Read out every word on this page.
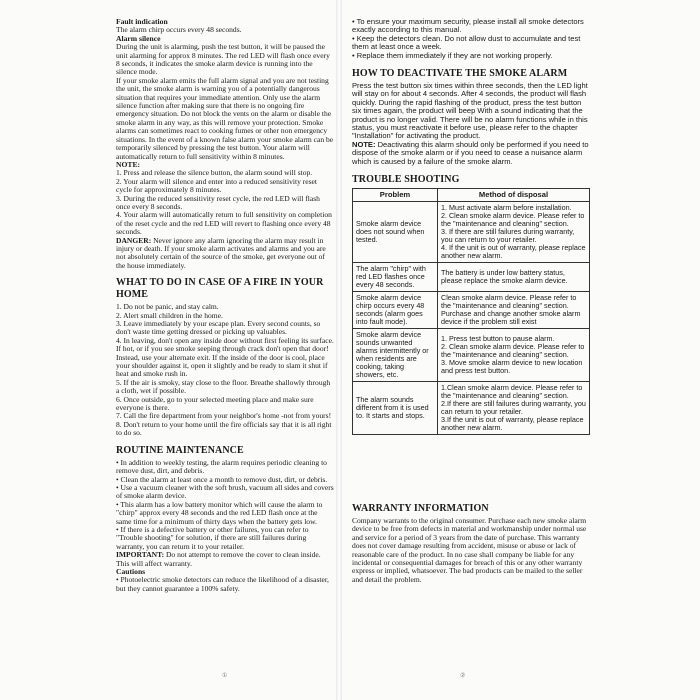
Fault indication

The alarm chirp occurs every 48 seconds.

Alarm silence

During the unit is alarming, push the test button, it will be paused the unit alarming for approx 8 minutes. The red LED will flash once every 8 seconds, it indicates the smoke alarm device is running into the silence mode.

If your smoke alarm emits the full alarm signal and you are not testing the unit, the smoke alarm is warning you of a potentially dangerous situation that requires your immediate attention. Only use the alarm silence function after making sure that there is no ongoing fire emergency situation. Do not block the vents on the alarm or disable the smoke alarm in any way, as this will remove your protection. Smoke alarms can sometimes react to cooking fumes or other non emergency situations. In the event of a known false alarm your smoke alarm can be temporarily silenced by pressing the test button. Your alarm will automatically return to full sensitivity within 8 minutes.

NOTE:

1. Press and release the silence button, the alarm sound will stop.

2. Your alarm will silence and enter into a reduced sensitivity reset cycle for approximately 8 minutes.

3. During the reduced sensitivity reset cycle, the red LED will flash once every 8 seconds.

4. Your alarm will automatically return to full sensitivity on completion of the reset cycle and the red LED will revert to flashing once every 48 seconds.

DANGER: Never ignore any alarm ignoring the alarm may result in injury or death. If your smoke alarm activates and alarms and you are not absolutely certain of the source of the smoke, get everyone out of the house immediately.

WHAT TO DO IN CASE OF A FIRE IN YOUR HOME

1. Do not be panic, and stay calm.

2. Alert small children in the home.

3. Leave immediately by your escape plan. Every second counts, so don't waste time getting dressed or picking up valuables.

4. In leaving, don't open any inside door without first feeling its surface. If hot, or if you see smoke seeping through crack don't open that door! Instead, use your alternate exit. If the inside of the door is cool, place your shoulder against it, open it slightly and be ready to slam it shut if heat and smoke rush in.

5. If the air is smoky, stay close to the floor. Breathe shallowly through a cloth, wet if possible.

6. Once outside, go to your selected meeting place and make sure everyone is there.

7. Call the fire department from your neighbor's home -not from yours!

8. Don't return to your home until the fire officials say that it is all right to do so.

ROUTINE MAINTENANCE

• In addition to weekly testing, the alarm requires periodic cleaning to remove dust, dirt, and debris.

• Clean the alarm at least once a month to remove dust, dirt, or debris.

• Use a vacuum cleaner with the soft brush, vacuum all sides and covers of smoke alarm device.

• This alarm has a low battery monitor which will cause the alarm to "chirp" approx every 48 seconds and the red LED flash once at the same time for a minimum of thirty days when the battery gets low.

• If there is a defective battery or other failures, you can refer to "Trouble shooting" for solution, if there are still failures during warranty, you can return it to your retailer.

IMPORTANT: Do not attempt to remove the cover to clean inside. This will affect warranty.

Cautions

• Photoelectric smoke detectors can reduce the likelihood of a disaster, but they cannot guarantee a 100% safety.

①

• To ensure your maximum security, please install all smoke detectors exactly according to this manual.

• Keep the detectors clean. Do not allow dust to accumulate and test them at least once a week.

• Replace them immediately if they are not working properly.

HOW TO DEACTIVATE THE SMOKE ALARM

Press the test button six times within three seconds, then the LED light will stay on for about 4 seconds. After 4 seconds, the product will flash quickly. During the rapid flashing of the product, press the test button six times again, the product will beep With a sound indicating that the product is no longer valid. There will be no alarm functions while in this status, you must reactivate it before use, please refer to the chapter "Installation" for activating the product.

NOTE: Deactivating this alarm should only be performed if you need to dispose of the smoke alarm or if you need to cease a nuisance alarm which is caused by a failure of the smoke alarm.

TROUBLE SHOOTING
Problem	Method of disposal
Smoke alarm device does not sound when tested.	1. Must activate alarm before installation.
2. Clean smoke alarm device. Please refer to the "maintenance and cleaning" section.
3. If there are still failures during warranty, you can return to your retailer.
4. If the unit is out of warranty, please replace another new alarm.
The alarm "chirp" with red LED flashes once every 48 seconds.	The battery is under low battery status, please replace the smoke alarm device.
Smoke alarm device chirp occurs every 48 seconds (alarm goes into fault mode).	Clean smoke alarm device. Please refer to the "maintenance and cleaning" section. Purchase and change another smoke alarm device if the problem still exist
Smoke alarm device sounds unwanted alarms intermittently or when residents are cooking, taking showers, etc.	1. Press test button to pause alarm.
2. Clean smoke alarm device. Please refer to the "maintenance and cleaning" section.
3. Move smoke alarm device to new location and press test button.
The alarm sounds different from it is used to. It starts and stops.	1.Clean smoke alarm device. Please refer to the "maintenance and cleaning" section.
2.If there are still failures during warranty, you can return to your retailer.
3.If the unit is out of warranty, please replace another new alarm.
WARRANTY INFORMATION

Company warrants to the original consumer. Purchase each new smoke alarm device to be free from defects in material and workmanship under normal use and service for a period of 3 years from the date of purchase. This warranty does not cover damage resulting from accident, misuse or abuse or lack of reasonable care of the product. In no case shall company be liable for any incidental or consequential damages for breach of this or any other warranty express or implied, whatsoever. The bad products can be mailed to the seller and detail the problem.

②
